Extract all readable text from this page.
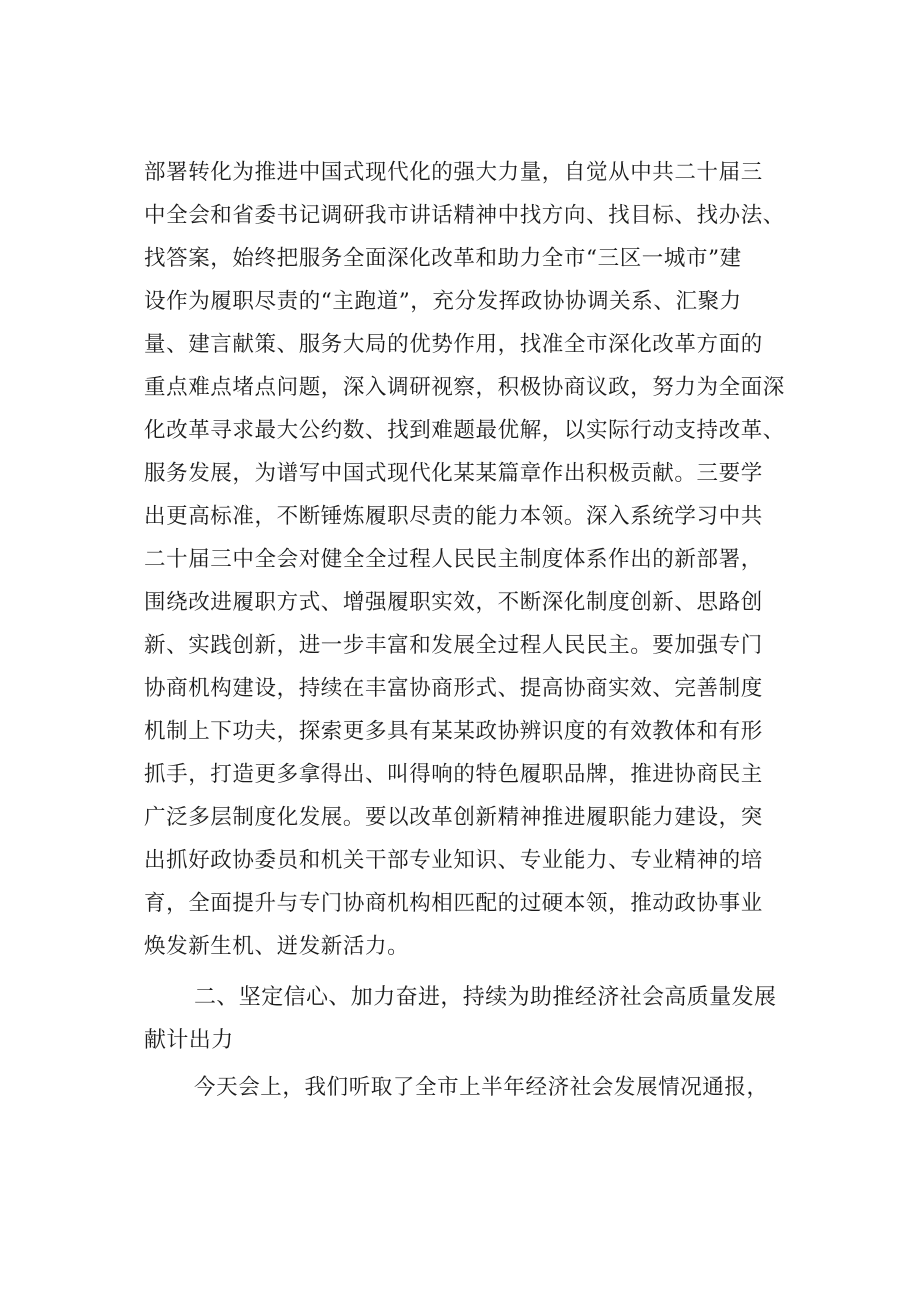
部署转化为推进中国式现代化的强大力量，自觉从中共二十届三
中全会和省委书记调研我市讲话精神中找方向、找目标、找办法、
找答案，始终把服务全面深化改革和助力全市“三区一城市”建
设作为履职尽责的“主跑道”，充分发挥政协协调关系、汇聚力
量、建言献策、服务大局的优势作用，找准全市深化改革方面的
重点难点堵点问题，深入调研视察，积极协商议政，努力为全面深
化改革寻求最大公约数、找到难题最优解，以实际行动支持改革、
服务发展，为谱写中国式现代化某某篇章作出积极贡献。三要学
出更高标准，不断锤炼履职尽责的能力本领。深入系统学习中共
二十届三中全会对健全全过程人民民主制度体系作出的新部署，
围绕改进履职方式、增强履职实效，不断深化制度创新、思路创
新、实践创新，进一步丰富和发展全过程人民民主。要加强专门
协商机构建设，持续在丰富协商形式、提高协商实效、完善制度
机制上下功夫，探索更多具有某某政协辨识度的有效教体和有形
抓手，打造更多拿得出、叫得响的特色履职品牌，推进协商民主
广泛多层制度化发展。要以改革创新精神推进履职能力建设，突
出抓好政协委员和机关干部专业知识、专业能力、专业精神的培
育，全面提升与专门协商机构相匹配的过硬本领，推动政协事业
焕发新生机、迸发新活力。
二、坚定信心、加力奋进，持续为助推经济社会高质量发展
献计出力
今天会上，我们听取了全市上半年经济社会发展情况通报，
